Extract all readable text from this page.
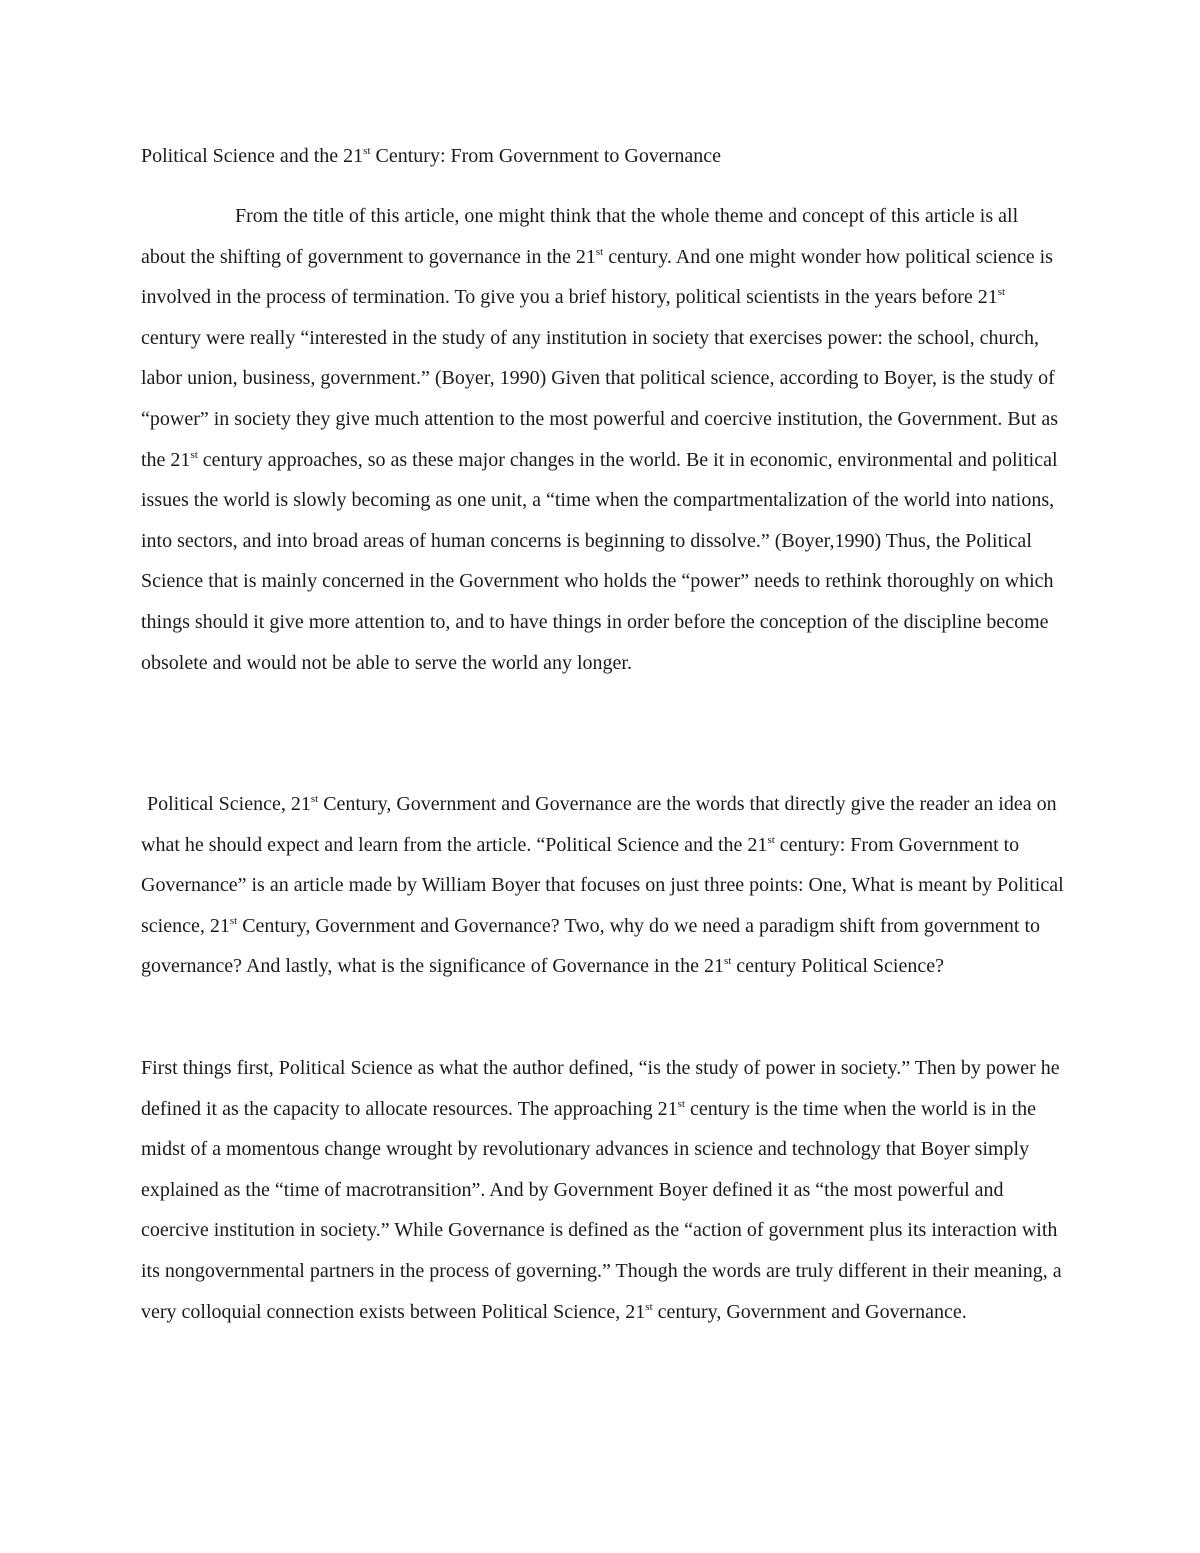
Political Science and the 21st Century: From Government to Governance
From the title of this article, one might think that the whole theme and concept of this article is all about the shifting of government to governance in the 21st century. And one might wonder how political science is involved in the process of termination. To give you a brief history, political scientists in the years before 21st century were really “interested in the study of any institution in society that exercises power: the school, church, labor union, business, government.” (Boyer, 1990) Given that political science, according to Boyer, is the study of “power” in society they give much attention to the most powerful and coercive institution, the Government. But as the 21st century approaches, so as these major changes in the world. Be it in economic, environmental and political issues the world is slowly becoming as one unit, a “time when the compartmentalization of the world into nations, into sectors, and into broad areas of human concerns is beginning to dissolve.” (Boyer,1990) Thus, the Political Science that is mainly concerned in the Government who holds the “power” needs to rethink thoroughly on which things should it give more attention to, and to have things in order before the conception of the discipline become obsolete and would not be able to serve the world any longer.
Political Science, 21st Century, Government and Governance are the words that directly give the reader an idea on what he should expect and learn from the article. “Political Science and the 21st century: From Government to Governance” is an article made by William Boyer that focuses on just three points: One, What is meant by Political science, 21st Century, Government and Governance? Two, why do we need a paradigm shift from government to governance? And lastly, what is the significance of Governance in the 21st century Political Science?
First things first, Political Science as what the author defined, “is the study of power in society.” Then by power he defined it as the capacity to allocate resources. The approaching 21st century is the time when the world is in the midst of a momentous change wrought by revolutionary advances in science and technology that Boyer simply explained as the “time of macrotransition”. And by Government Boyer defined it as “the most powerful and coercive institution in society.” While Governance is defined as the “action of government plus its interaction with its nongovernmental partners in the process of governing.” Though the words are truly different in their meaning, a very colloquial connection exists between Political Science, 21st century, Government and Governance.
